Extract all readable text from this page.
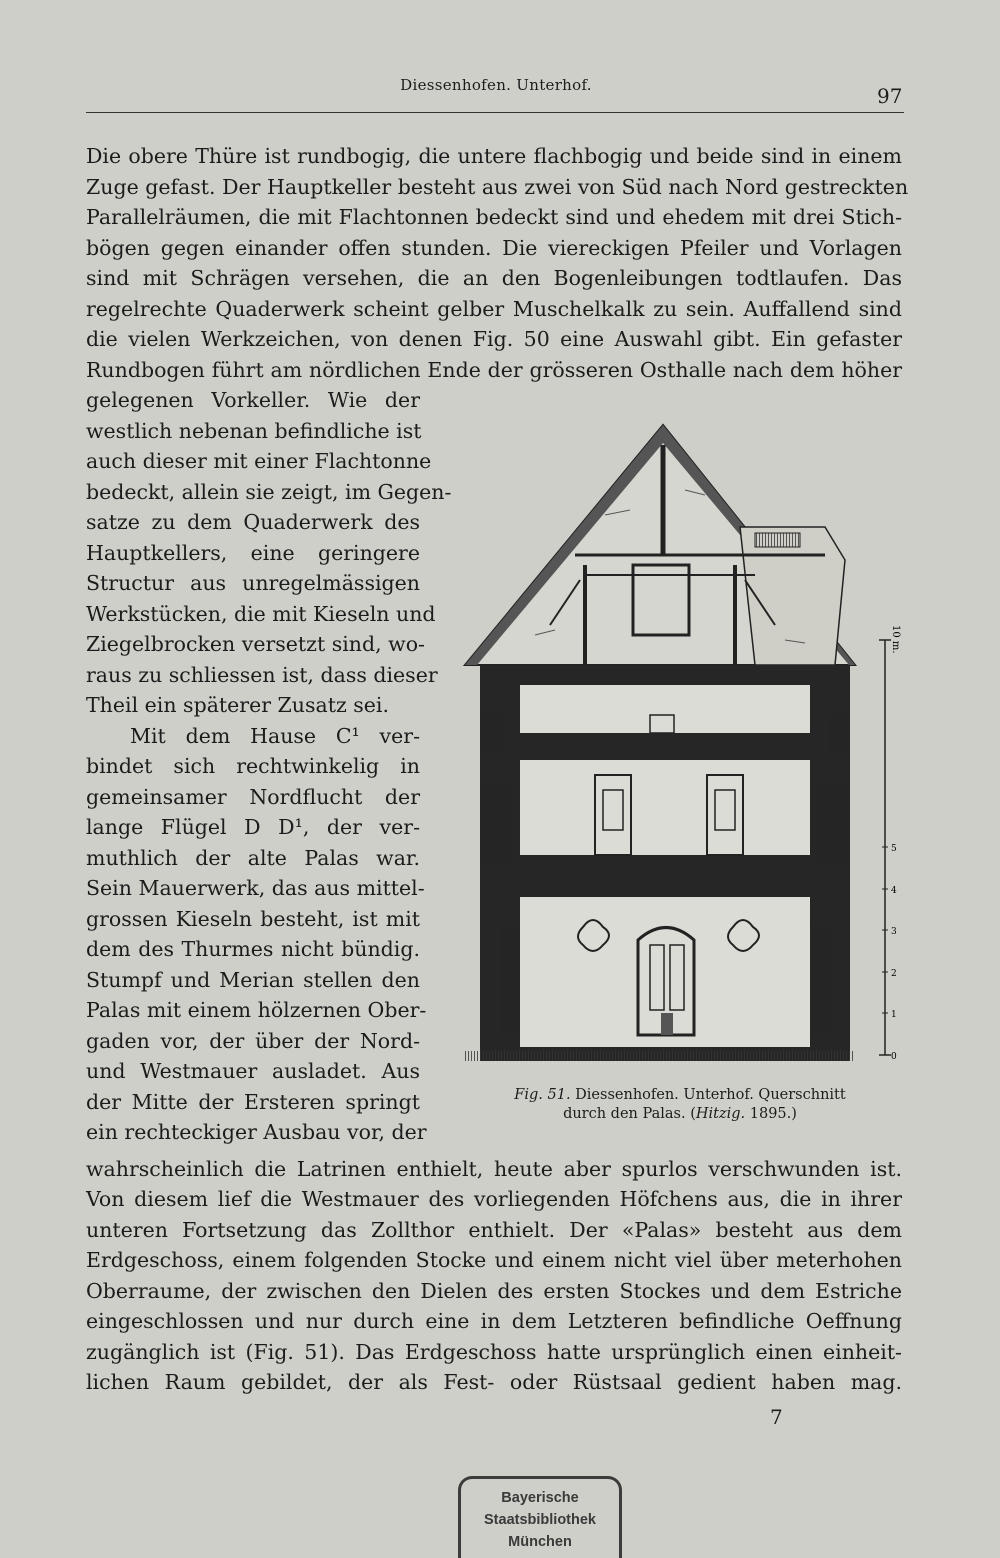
Diessenhofen. Unterhof.	97
Die obere Thüre ist rundbogig, die untere flachbogig und beide sind in einem
Zuge gefast. Der Hauptkeller besteht aus zwei von Süd nach Nord gestreckten
Parallelräumen, die mit Flachtonnen bedeckt sind und ehedem mit drei Stich-
bögen gegen einander offen stunden. Die viereckigen Pfeiler und Vorlagen
sind mit Schrägen versehen, die an den Bogenleibungen todtlaufen. Das
regelrechte Quaderwerk scheint gelber Muschelkalk zu sein. Auffallend sind
die vielen Werkzeichen, von denen Fig. 50 eine Auswahl gibt. Ein gefaster
Rundbogen führt am nördlichen Ende der grösseren Osthalle nach dem höher
gelegenen Vorkeller. Wie der
westlich nebenan befindliche ist
auch dieser mit einer Flachtonne
bedeckt, allein sie zeigt, im Gegen-
satze zu dem Quaderwerk des
Hauptkellers, eine geringere
Structur aus unregelmässigen
Werkstücken, die mit Kieseln und
Ziegelbrocken versetzt sind, wo-
raus zu schliessen ist, dass dieser
Theil ein späterer Zusatz sei.
Mit dem Hause C¹ ver-
bindet sich rechtwinkelig in
gemeinsamer Nordflucht der
lange Flügel D D¹, der ver-
muthlich der alte Palas war.
Sein Mauerwerk, das aus mittel-
grossen Kieseln besteht, ist mit
dem des Thurmes nicht bündig.
Stumpf und Merian stellen den
Palas mit einem hölzernen Ober-
gaden vor, der über der Nord-
und Westmauer ausladet. Aus
der Mitte der Ersteren springt
ein rechteckiger Ausbau vor, der
wahrscheinlich die Latrinen enthielt, heute aber spurlos verschwunden ist.
Von diesem lief die Westmauer des vorliegenden Höfchens aus, die in ihrer
unteren Fortsetzung das Zollthor enthielt. Der «Palas» besteht aus dem
Erdgeschoss, einem folgenden Stocke und einem nicht viel über meterhohen
Oberraume, der zwischen den Dielen des ersten Stockes und dem Estriche
eingeschlossen und nur durch eine in dem Letzteren befindliche Oeffnung
zugänglich ist (Fig. 51). Das Erdgeschoss hatte ursprünglich einen einheit-
lichen Raum gebildet, der als Fest- oder Rüstsaal gedient haben mag.
10 m.
0
1
2
3
4
5
Fig. 51. Diessenhofen. Unterhof. Querschnitt
durch den Palas. (Hitzig. 1895.)
7
Bayerische
Staatsbibliothek
München
